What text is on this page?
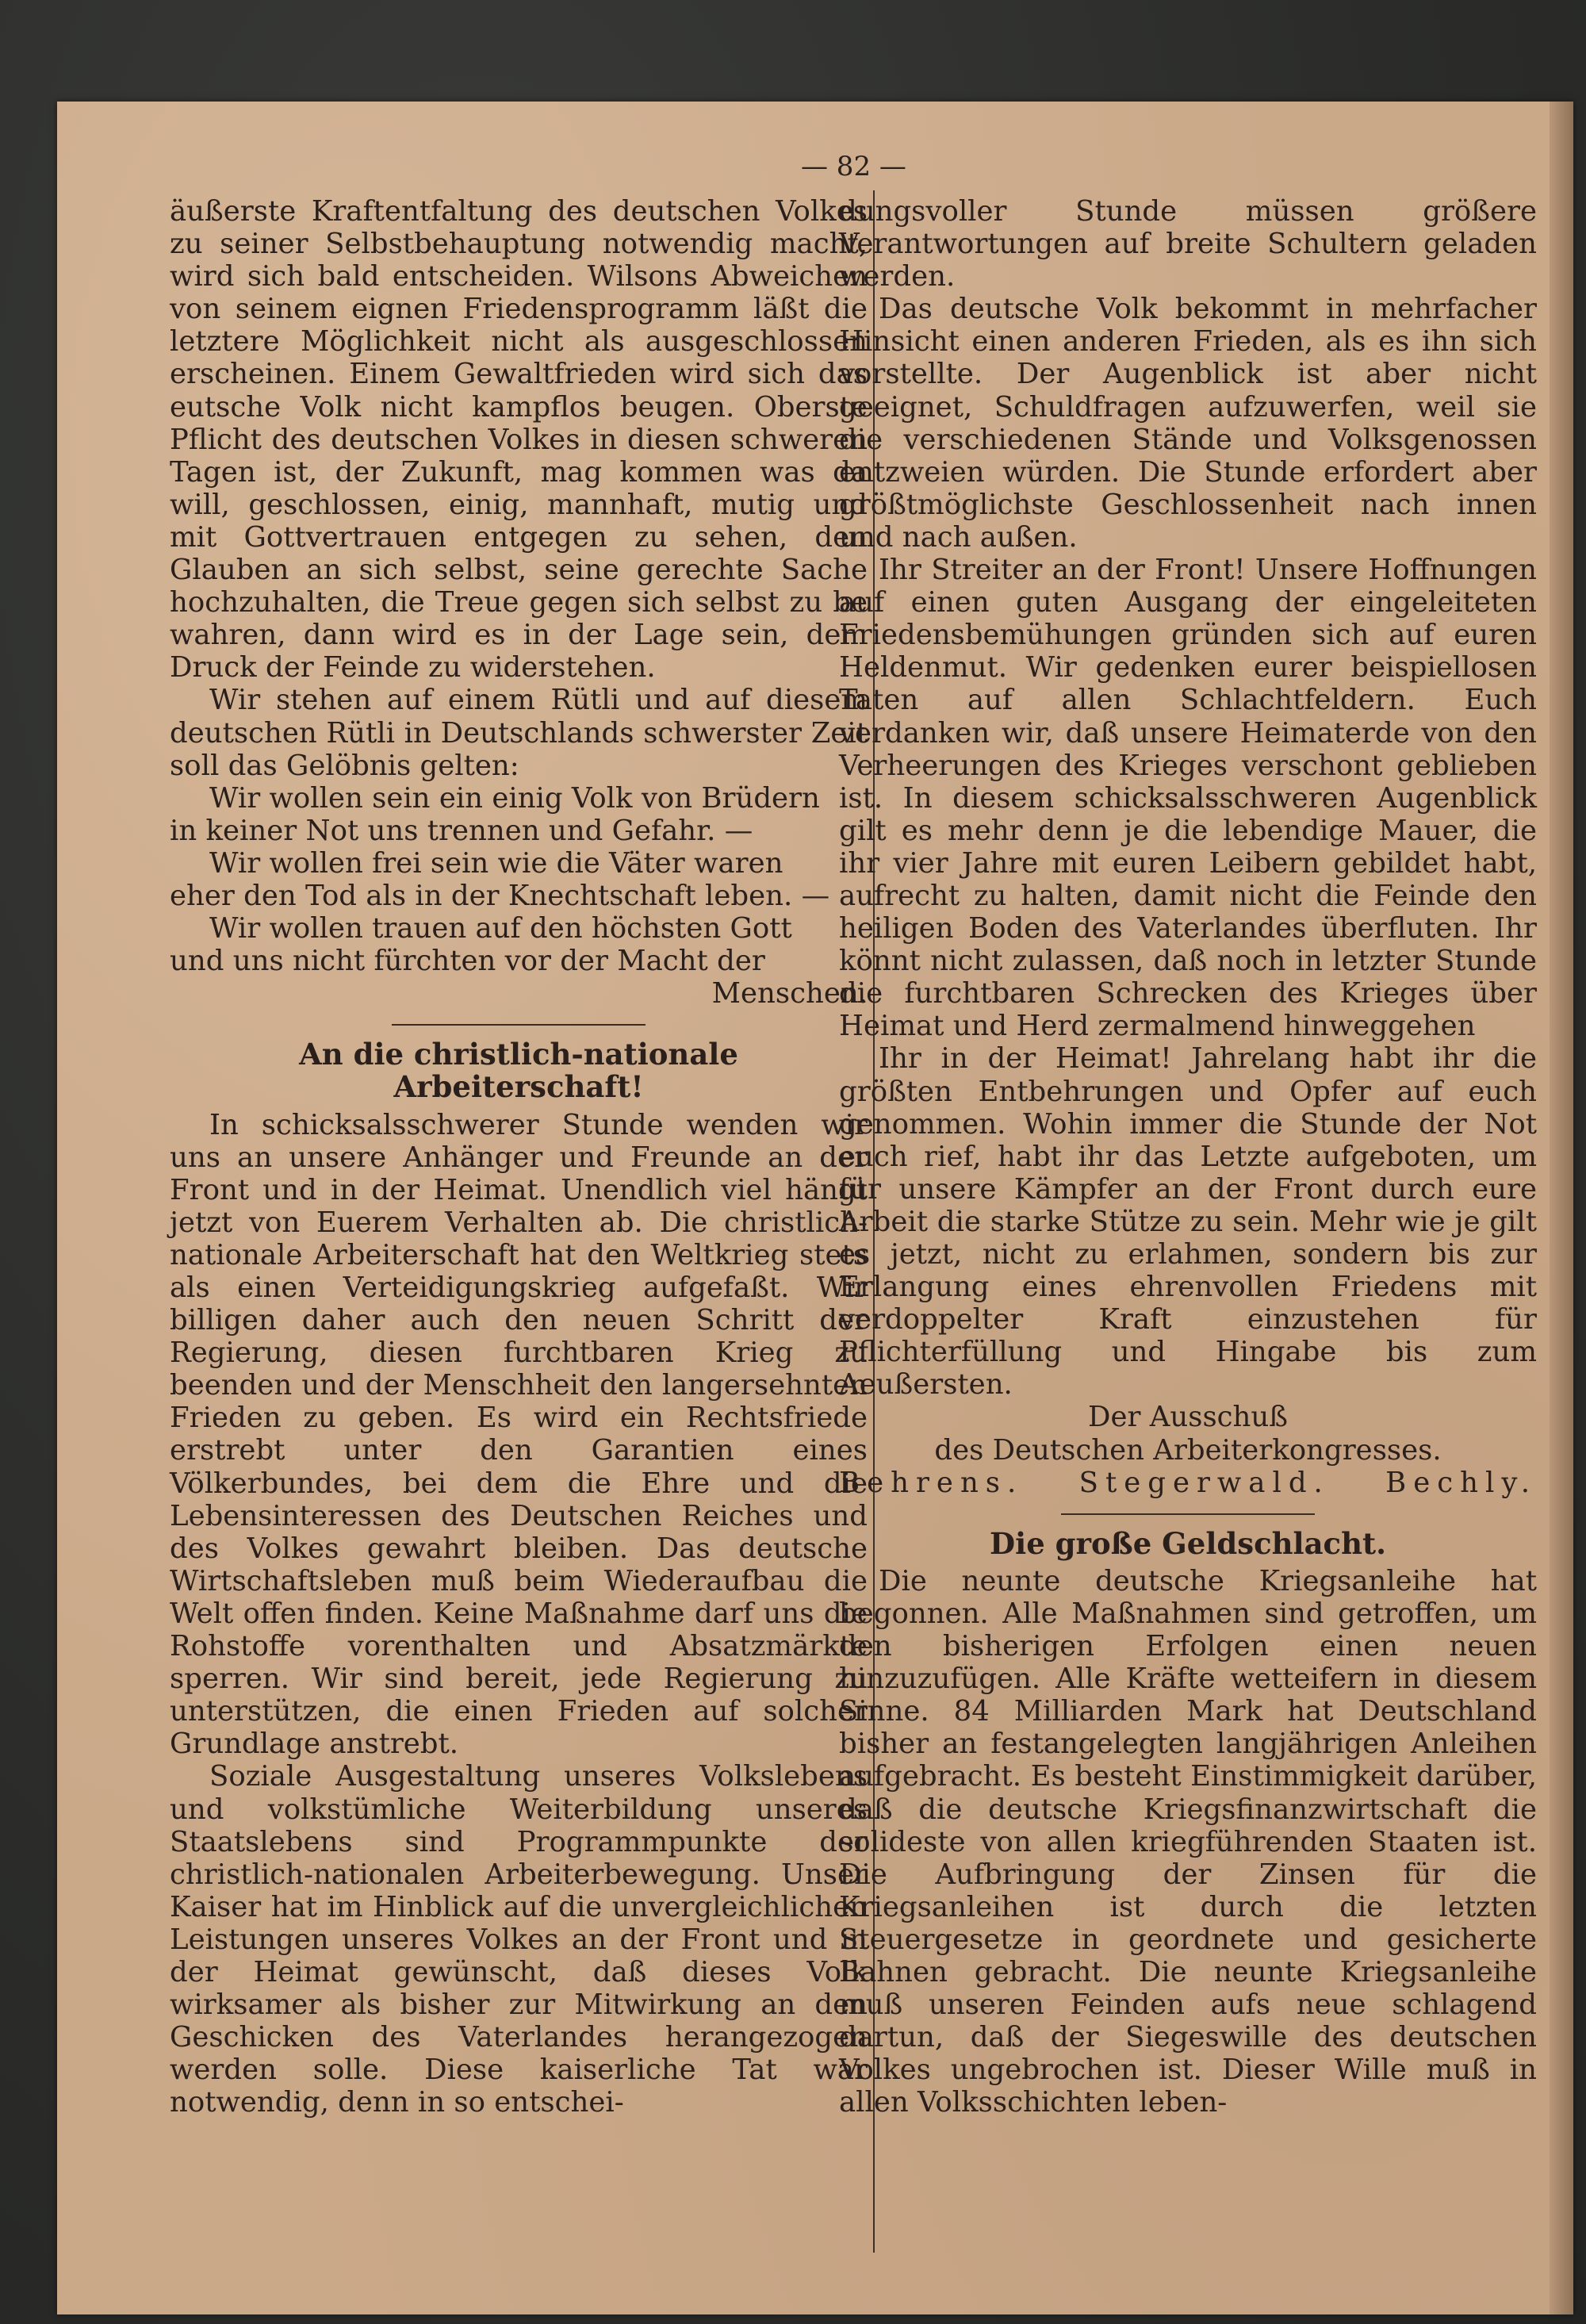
— 82 —

äußerste Kraftentfaltung des deutschen Volkes zu seiner Selbstbehauptung notwendig macht, wird sich bald entscheiden. Wilsons Abweichen von seinem eignen Friedensprogramm läßt die letztere Möglichkeit nicht als ausgeschlossen erscheinen. Einem Gewaltfrieden wird sich das eutsche Volk nicht kampflos beugen. Oberste Pflicht des deutschen Volkes in diesen schweren Tagen ist, der Zukunft, mag kommen was da will, geschlossen, einig, mannhaft, mutig und mit Gottvertrauen entgegen zu sehen, den Glauben an sich selbst, seine gerechte Sache hochzuhalten, die Treue gegen sich selbst zu be wahren, dann wird es in der Lage sein, dem Druck der Feinde zu widerstehen.

Wir stehen auf einem Rütli und auf diesem deutschen Rütli in Deutschlands schwerster Zeit soll das Gelöbnis gelten:

Wir wollen sein ein einig Volk von Brüdern
in keiner Not uns trennen und Gefahr. —
Wir wollen frei sein wie die Väter waren
eher den Tod als in der Knechtschaft leben. —
Wir wollen trauen auf den höchsten Gott
und uns nicht fürchten vor der Macht der

Menschen.

An die christlich-nationale Arbeiterschaft!

In schicksalsschwerer Stunde wenden wir uns an unsere Anhänger und Freunde an der Front und in der Heimat. Unendlich viel hängt jetzt von Euerem Verhalten ab. Die christlich-nationale Arbeiterschaft hat den Weltkrieg stets als einen Verteidigungskrieg aufgefaßt. Wir billigen daher auch den neuen Schritt der Regierung, diesen furchtbaren Krieg zu beenden und der Menschheit den langersehnten Frieden zu geben. Es wird ein Rechtsfriede erstrebt unter den Garantien eines Völkerbundes, bei dem die Ehre und die Lebensinteressen des Deutschen Reiches und des Volkes gewahrt bleiben. Das deutsche Wirtschaftsleben muß beim Wiederaufbau die Welt offen finden. Keine Maßnahme darf uns die Rohstoffe vorenthalten und Absatzmärkte sperren. Wir sind bereit, jede Regierung zu unterstützen, die einen Frieden auf solcher Grundlage anstrebt.

Soziale Ausgestaltung unseres Volkslebens und volkstümliche Weiterbildung unseres Staatslebens sind Programmpunkte der christlich-nationalen Arbeiterbewegung. Unser Kaiser hat im Hinblick auf die unvergleichlichen Leistungen unseres Volkes an der Front und in der Heimat gewünscht, daß dieses Volk wirksamer als bisher zur Mitwirkung an den Geschicken des Vaterlandes herangezogen werden solle. Diese kaiserliche Tat war notwendig, denn in so entschei-

dungsvoller Stunde müssen größere Verantwortungen auf breite Schultern geladen werden.

Das deutsche Volk bekommt in mehrfacher Hinsicht einen anderen Frieden, als es ihn sich vorstellte. Der Augenblick ist aber nicht geeignet, Schuldfragen aufzuwerfen, weil sie die verschiedenen Stände und Volksgenossen entzweien würden. Die Stunde erfordert aber größtmöglichste Geschlossenheit nach innen und nach außen.

Ihr Streiter an der Front! Unsere Hoffnungen auf einen guten Ausgang der eingeleiteten Friedensbemühungen gründen sich auf euren Heldenmut. Wir gedenken eurer beispiellosen Taten auf allen Schlachtfeldern. Euch verdanken wir, daß unsere Heimaterde von den Verheerungen des Krieges verschont geblieben ist. In diesem schicksalsschweren Augenblick gilt es mehr denn je die lebendige Mauer, die ihr vier Jahre mit euren Leibern gebildet habt, aufrecht zu halten, damit nicht die Feinde den heiligen Boden des Vaterlandes überfluten. Ihr könnt nicht zulassen, daß noch in letzter Stunde die furchtbaren Schrecken des Krieges über Heimat und Herd zermalmend hinweggehen

Ihr in der Heimat! Jahrelang habt ihr die größten Entbehrungen und Opfer auf euch genommen. Wohin immer die Stunde der Not euch rief, habt ihr das Letzte aufgeboten, um für unsere Kämpfer an der Front durch eure Arbeit die starke Stütze zu sein. Mehr wie je gilt es jetzt, nicht zu erlahmen, sondern bis zur Erlangung eines ehrenvollen Friedens mit verdoppelter Kraft einzustehen für Pflichterfüllung und Hingabe bis zum Aeußersten.

Der Ausschuß

des Deutschen Arbeiterkongresses.

Behrens. Stegerwald. Bechly.

Die große Geldschlacht.

Die neunte deutsche Kriegsanleihe hat begonnen. Alle Maßnahmen sind getroffen, um den bisherigen Erfolgen einen neuen hinzuzufügen. Alle Kräfte wetteifern in diesem Sinne. 84 Milliarden Mark hat Deutschland bisher an festangelegten langjährigen Anleihen aufgebracht. Es besteht Einstimmigkeit darüber, daß die deutsche Kriegsfinanzwirtschaft die solideste von allen kriegführenden Staaten ist. Die Aufbringung der Zinsen für die Kriegsanleihen ist durch die letzten Steuergesetze in geordnete und gesicherte Bahnen gebracht. Die neunte Kriegsanleihe muß unseren Feinden aufs neue schlagend dartun, daß der Siegeswille des deutschen Volkes ungebrochen ist. Dieser Wille muß in allen Volksschichten leben-
